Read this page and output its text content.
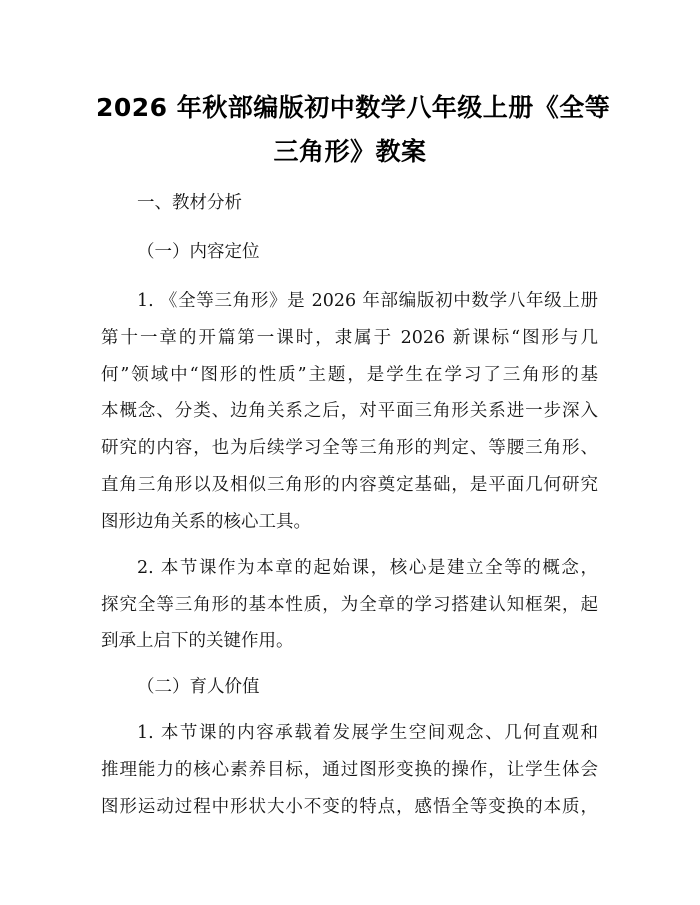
2026 年秋部编版初中数学八年级上册《全等
三角形》教案
一、教材分析
（一）内容定位
1. 《全等三角形》是 2026 年部编版初中数学八年级上册
第十一章的开篇第一课时，隶属于 2026 新课标“图形与几
何”领域中“图形的性质”主题，是学生在学习了三角形的基
本概念、分类、边角关系之后，对平面三角形关系进一步深入
研究的内容，也为后续学习全等三角形的判定、等腰三角形、
直角三角形以及相似三角形的内容奠定基础，是平面几何研究
图形边角关系的核心工具。
2. 本节课作为本章的起始课，核心是建立全等的概念，
探究全等三角形的基本性质，为全章的学习搭建认知框架，起
到承上启下的关键作用。
（二）育人价值
1. 本节课的内容承载着发展学生空间观念、几何直观和
推理能力的核心素养目标，通过图形变换的操作，让学生体会
图形运动过程中形状大小不变的特点，感悟全等变换的本质，
